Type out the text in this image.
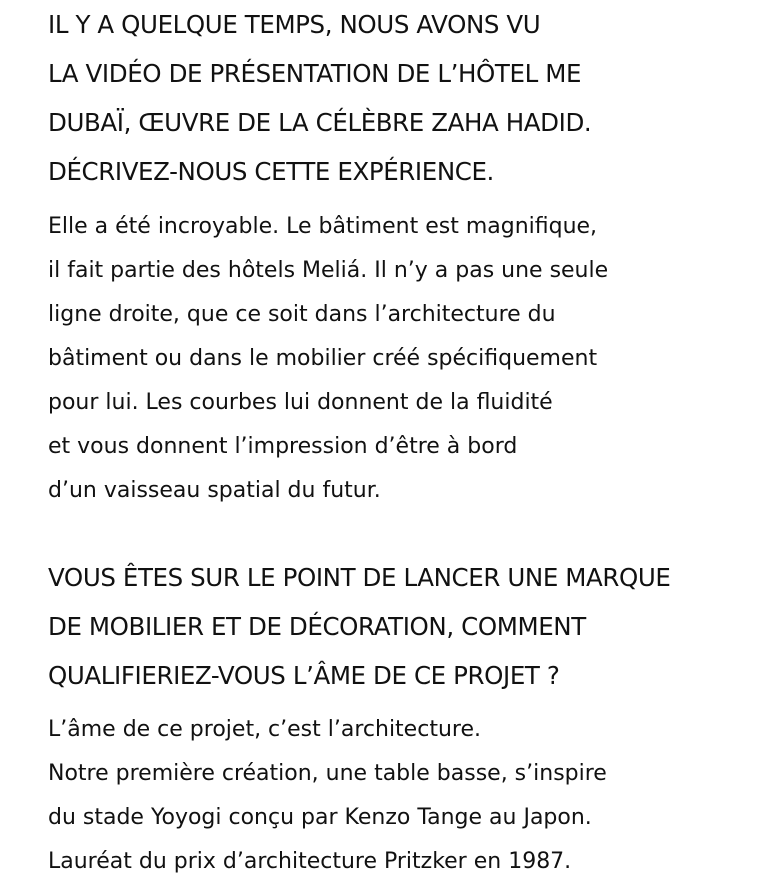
IL Y A QUELQUE TEMPS, NOUS AVONS VU
LA VIDÉO DE PRÉSENTATION DE L’HÔTEL ME
DUBAÏ, ŒUVRE DE LA CÉLÈBRE ZAHA HADID.
DÉCRIVEZ-NOUS CETTE EXPÉRIENCE.

Elle a été incroyable. Le bâtiment est magnifique,
il fait partie des hôtels Meliá. Il n’y a pas une seule
ligne droite, que ce soit dans l’architecture du
bâtiment ou dans le mobilier créé spécifiquement
pour lui. Les courbes lui donnent de la fluidité
et vous donnent l’impression d’être à bord
d’un vaisseau spatial du futur.

VOUS ÊTES SUR LE POINT DE LANCER UNE MARQUE
DE MOBILIER ET DE DÉCORATION, COMMENT
QUALIFIERIEZ-VOUS L’ÂME DE CE PROJET ?

L’âme de ce projet, c’est l’architecture.
Notre première création, une table basse, s’inspire
du stade Yoyogi conçu par Kenzo Tange au Japon.
Lauréat du prix d’architecture Pritzker en 1987.
